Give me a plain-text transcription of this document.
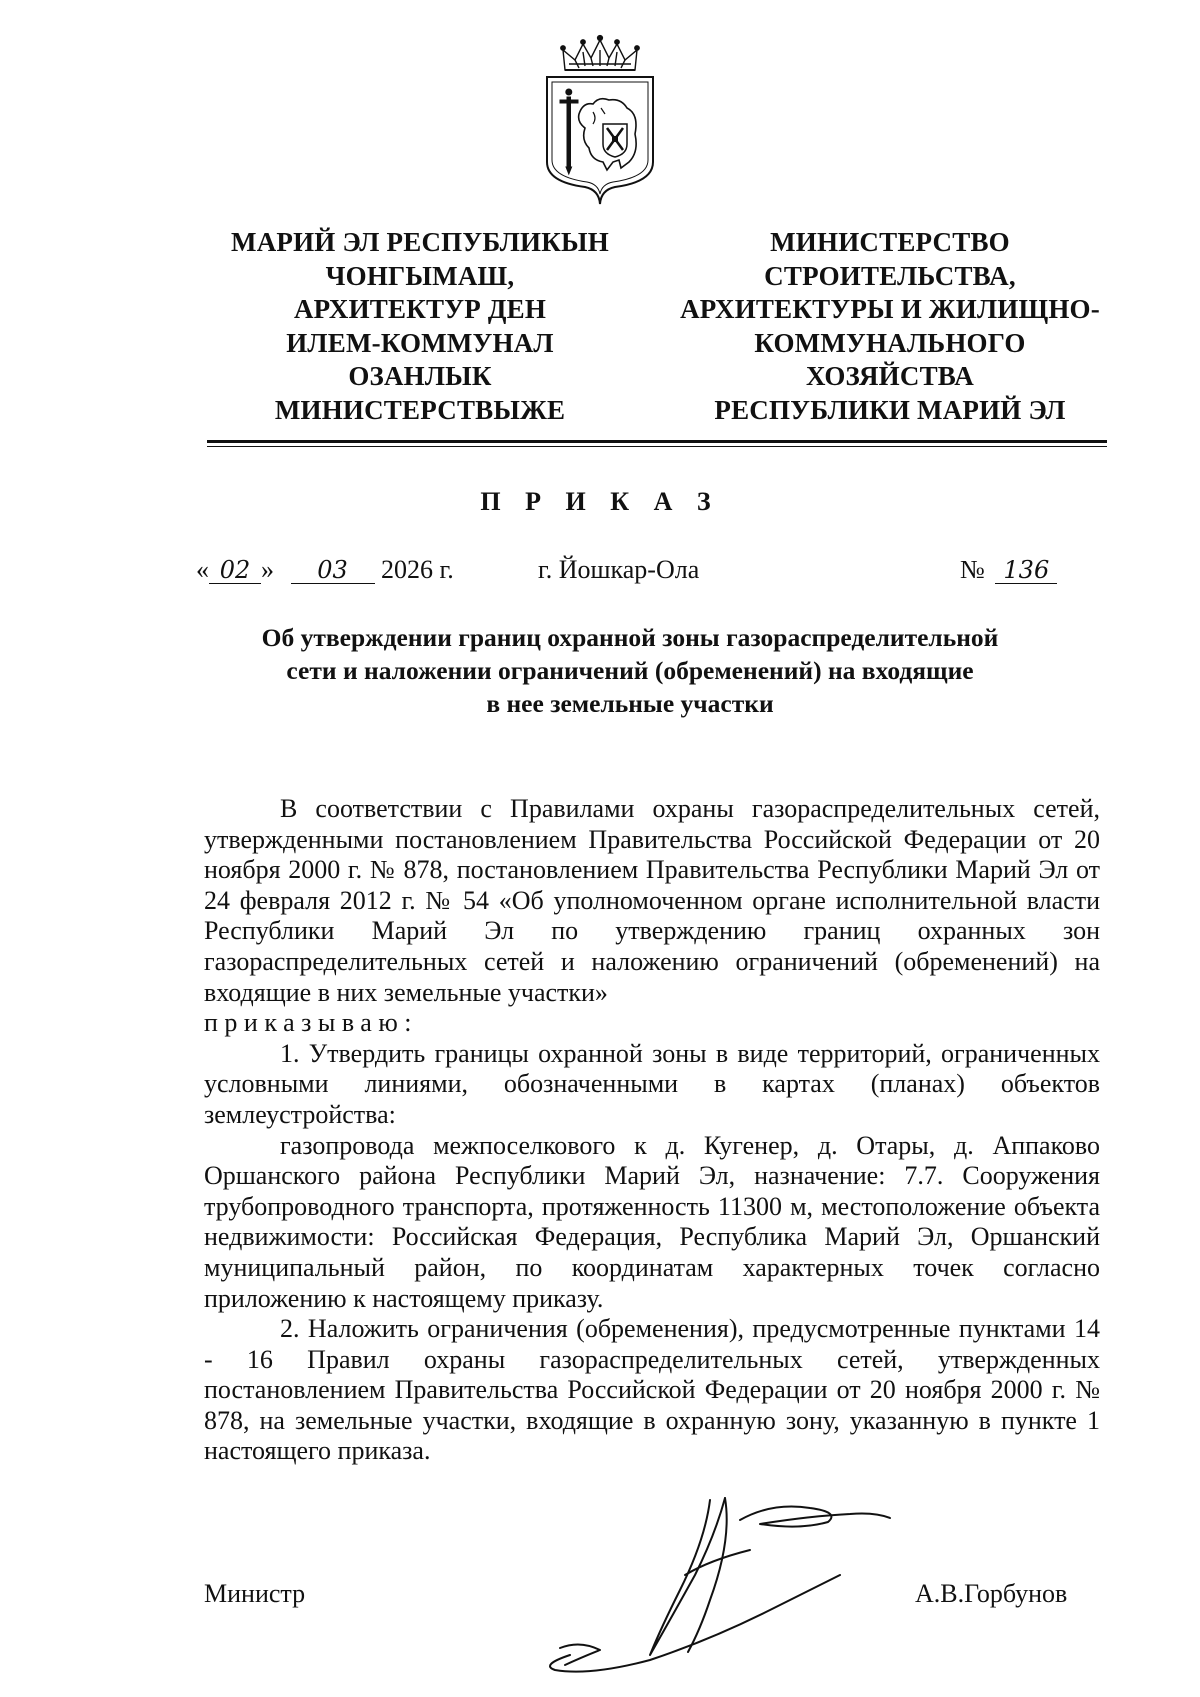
МАРИЙ ЭЛ РЕСПУБЛИКЫН
ЧОНГЫМАШ,
АРХИТЕКТУР ДЕН
ИЛЕМ-КОММУНАЛ
ОЗАНЛЫК
МИНИСТЕРСТВЫЖЕ
МИНИСТЕРСТВО
СТРОИТЕЛЬСТВА,
АРХИТЕКТУРЫ И ЖИЛИЩНО-
КОММУНАЛЬНОГО
ХОЗЯЙСТВА
РЕСПУБЛИКИ МАРИЙ ЭЛ
П Р И К А З
« 02 » 03 2026 г.	г. Йошкар-Ола	№ 136
Об утверждении границ охранной зоны газораспределительной
сети и наложении ограничений (обременений) на входящие
в нее земельные участки

В соответствии с Правилами охраны газораспределительных сетей, утвержденными постановлением Правительства Российской Федерации от 20 ноября 2000 г. № 878, постановлением Правительства Республики Марий Эл от 24 февраля 2012 г. № 54 «Об уполномоченном органе исполнительной власти Республики Марий Эл по утверждению границ охранных зон газораспределительных сетей и наложению ограничений (обременений) на входящие в них земельные участки»

приказываю:

1. Утвердить границы охранной зоны в виде территорий, ограниченных условными линиями, обозначенными в картах (планах) объектов землеустройства:

газопровода межпоселкового к д. Кугенер, д. Отары, д. Аппаково Оршанского района Республики Марий Эл, назначение: 7.7. Сооружения трубопроводного транспорта, протяженность 11300 м, местоположение объекта недвижимости: Российская Федерация, Республика Марий Эл, Оршанский муниципальный район, по координатам характерных точек согласно приложению к настоящему приказу.

2. Наложить ограничения (обременения), предусмотренные пунктами 14 - 16 Правил охраны газораспределительных сетей, утвержденных постановлением Правительства Российской Федерации от 20 ноября 2000 г. № 878, на земельные участки, входящие в охранную зону, указанную в пункте 1 настоящего приказа.

Министр	А.В.Горбунов
